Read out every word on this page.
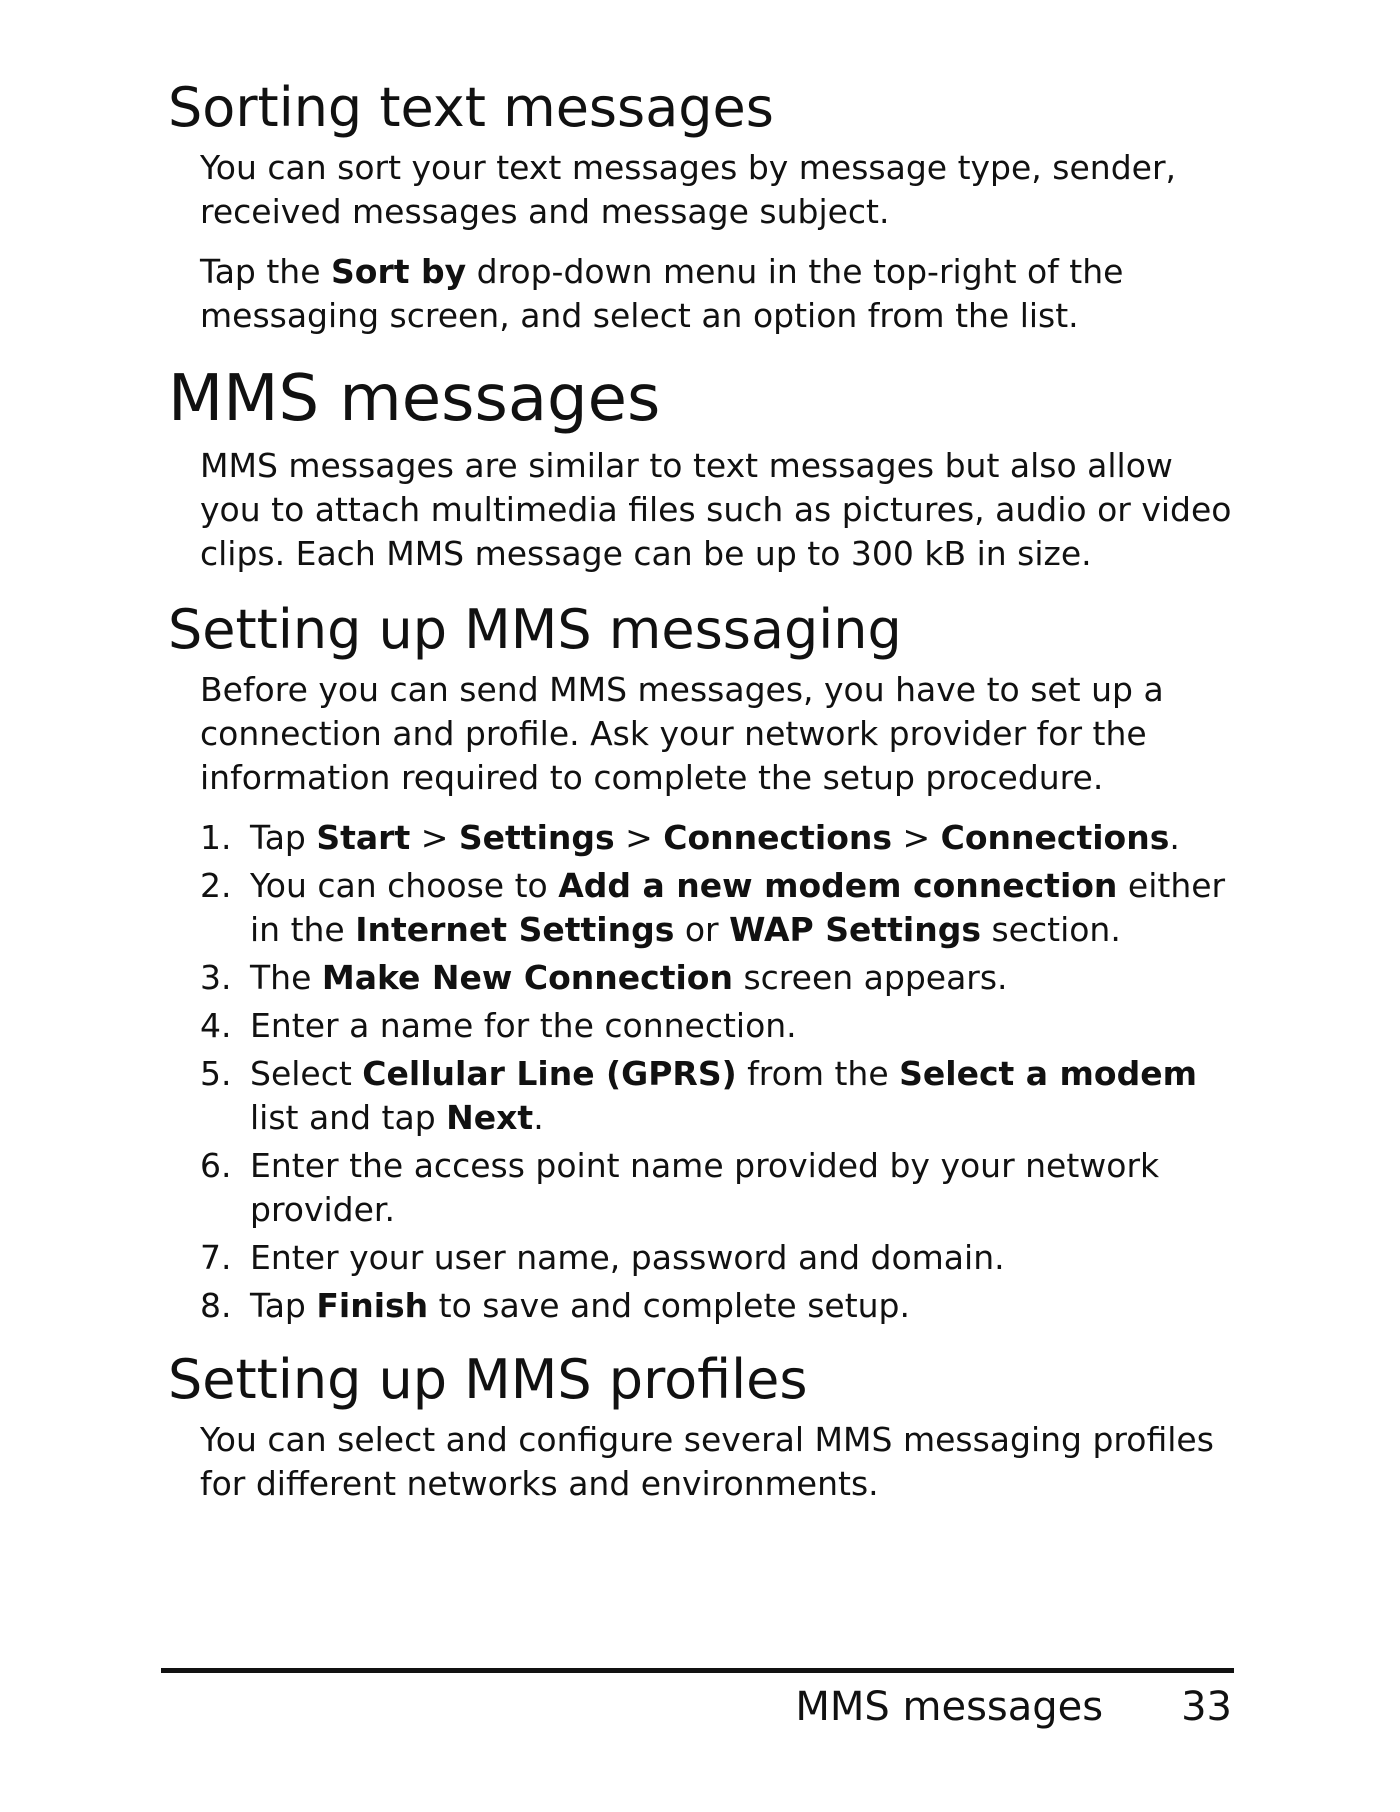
Sorting text messages

You can sort your text messages by message type, sender, received messages and message subject.

Tap the Sort by drop-down menu in the top-right of the messaging screen, and select an option from the list.

MMS messages

MMS messages are similar to text messages but also allow you to attach multimedia files such as pictures, audio or video clips. Each MMS message can be up to 300 kB in size.

Setting up MMS messaging

Before you can send MMS messages, you have to set up a connection and profile. Ask your network provider for the information required to complete the setup procedure.

1. Tap Start > Settings > Connections > Connections.
2. You can choose to Add a new modem connection either in the Internet Settings or WAP Settings section.
3. The Make New Connection screen appears.
4. Enter a name for the connection.
5. Select Cellular Line (GPRS) from the Select a modem list and tap Next.
6. Enter the access point name provided by your network provider.
7. Enter your user name, password and domain.
8. Tap Finish to save and complete setup.
Setting up MMS profiles

You can select and configure several MMS messaging profiles for different networks and environments.

MMS messages 33
